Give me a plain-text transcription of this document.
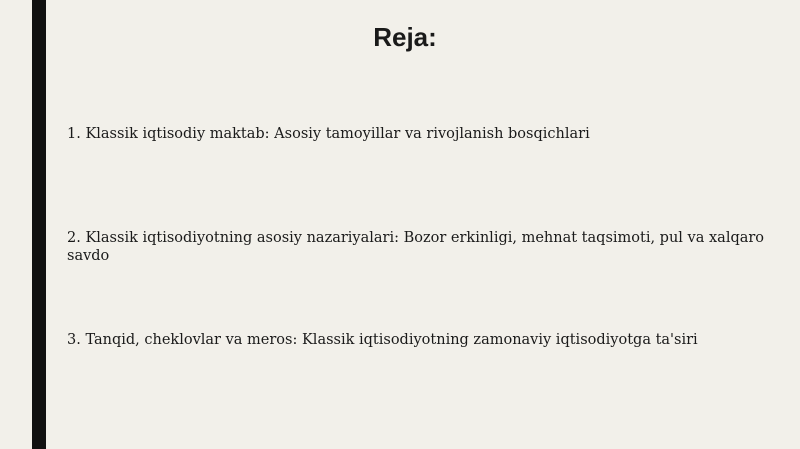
Reja:

1. Klassik iqtisodiy maktab: Asosiy tamoyillar va rivojlanish bosqichlari

2. Klassik iqtisodiyotning asosiy nazariyalari: Bozor erkinligi, mehnat taqsimoti, pul va xalqaro savdo

3. Tanqid, cheklovlar va meros: Klassik iqtisodiyotning zamonaviy iqtisodiyotga ta'siri
